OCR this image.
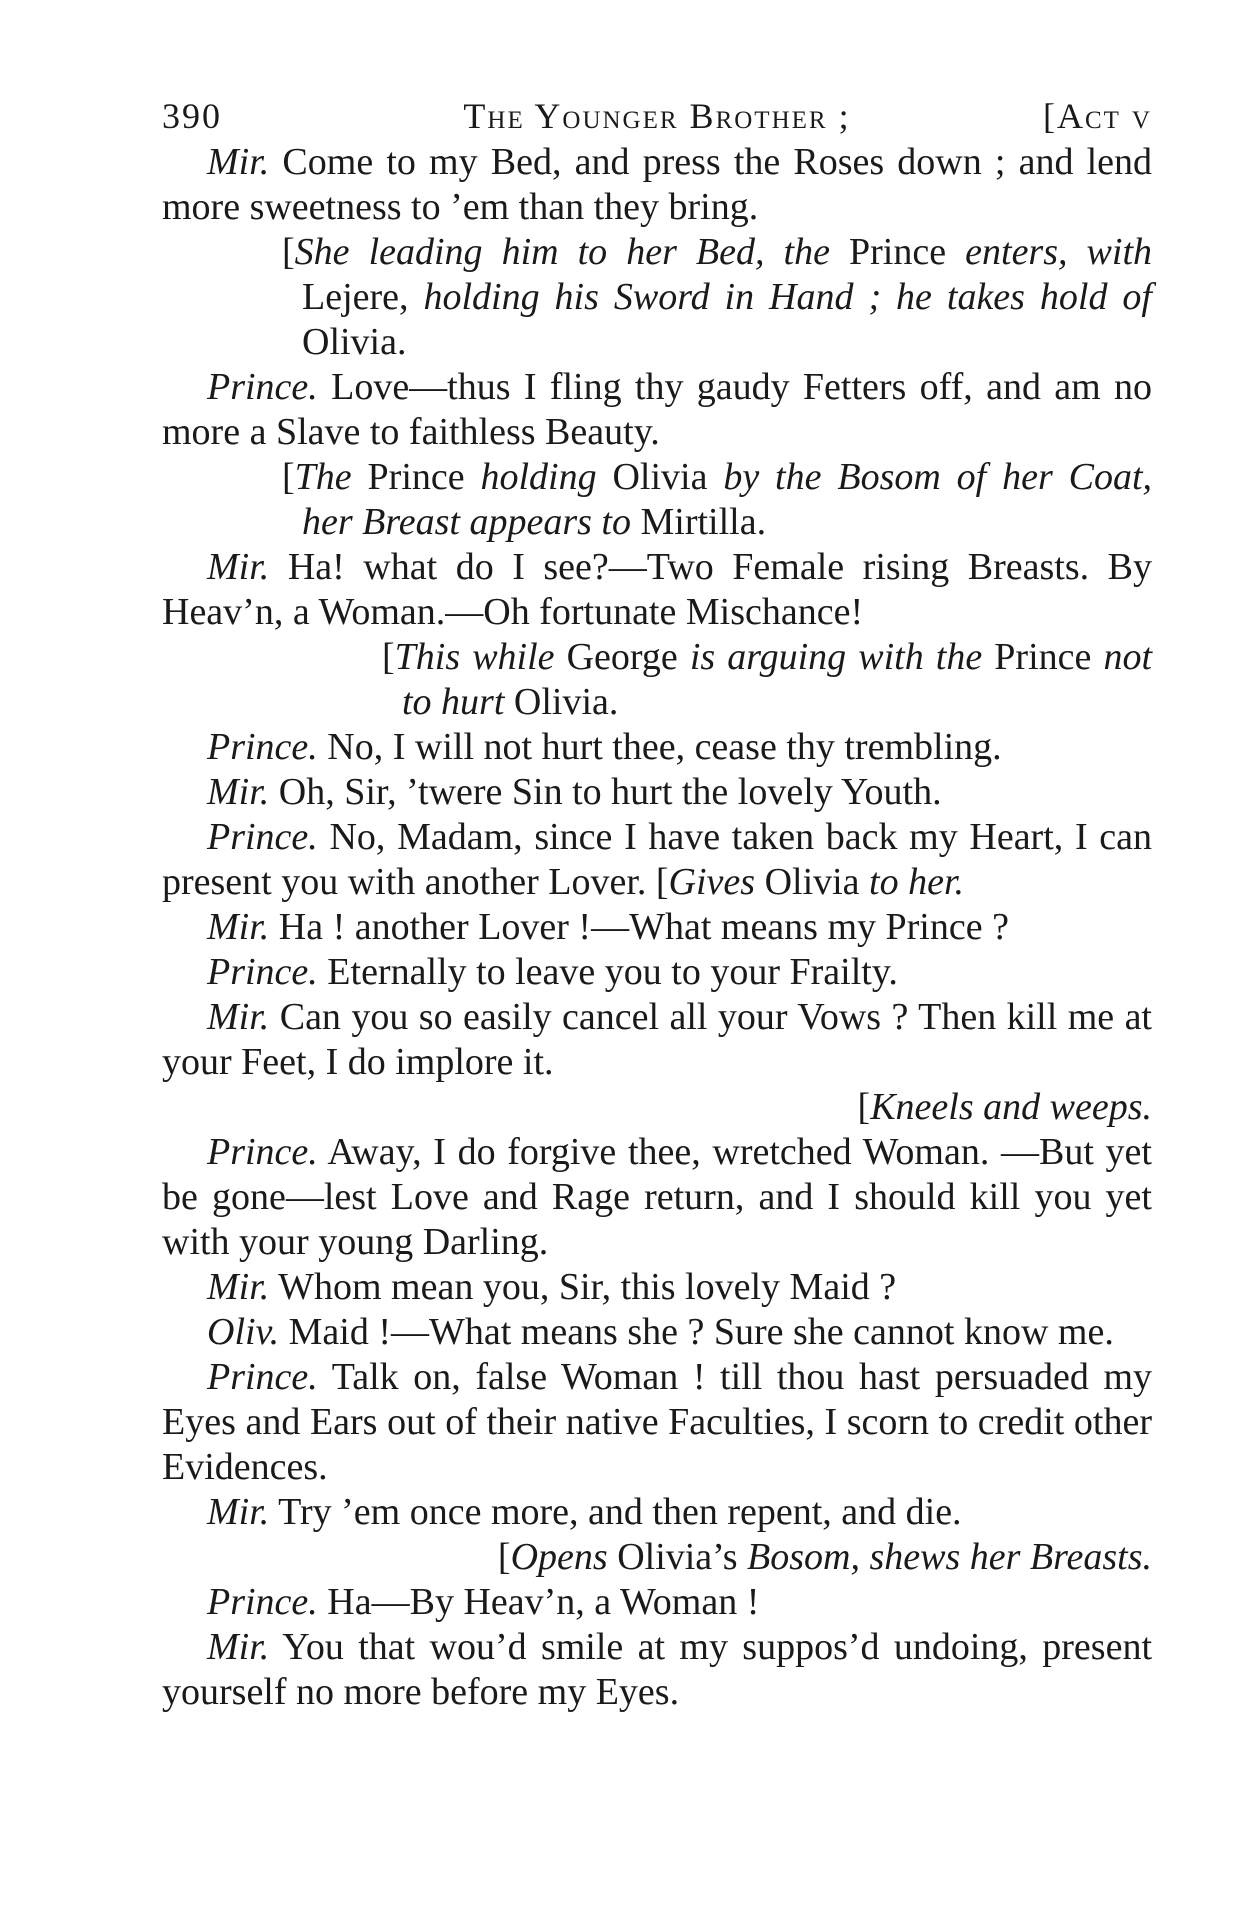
390	The Younger Brother ;	[Act v

Mir. Come to my Bed, and press the Roses down ; and lend more sweetness to ’em than they bring.

[She leading him to her Bed, the Prince enters, with Lejere, holding his Sword in Hand ; he takes hold of Olivia.

Prince. Love—thus I fling thy gaudy Fetters off, and am no more a Slave to faithless Beauty.

[The Prince holding Olivia by the Bosom of her Coat, her Breast appears to Mirtilla.

Mir. Ha! what do I see?—Two Female rising Breasts. By Heav’n, a Woman.—Oh fortunate Mischance!

[This while George is arguing with the Prince not to hurt Olivia.

Prince. No, I will not hurt thee, cease thy trembling.

Mir. Oh, Sir, ’twere Sin to hurt the lovely Youth.

Prince. No, Madam, since I have taken back my Heart, I can present you with another Lover. [Gives Olivia to her.

Mir. Ha ! another Lover !—What means my Prince ?

Prince. Eternally to leave you to your Frailty.

Mir. Can you so easily cancel all your Vows ? Then kill me at your Feet, I do implore it.

[Kneels and weeps.

Prince. Away, I do forgive thee, wretched Woman. —But yet be gone—lest Love and Rage return, and I should kill you yet with your young Darling.

Mir. Whom mean you, Sir, this lovely Maid ?

Oliv. Maid !—What means she ? Sure she cannot know me.

Prince. Talk on, false Woman ! till thou hast persuaded my Eyes and Ears out of their native Faculties, I scorn to credit other Evidences.

Mir. Try ’em once more, and then repent, and die.

[Opens Olivia’s Bosom, shews her Breasts.

Prince. Ha—By Heav’n, a Woman !

Mir. You that wou’d smile at my suppos’d undoing, present yourself no more before my Eyes.
